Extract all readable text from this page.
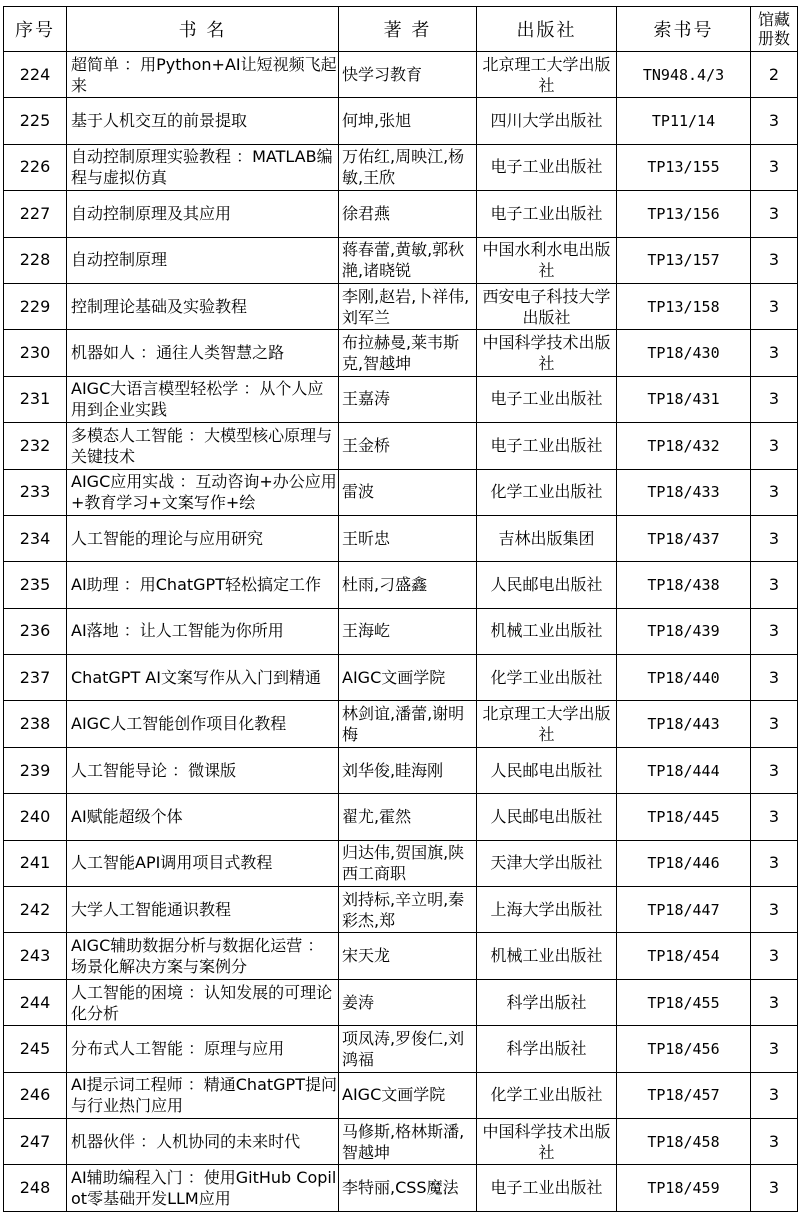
序号	书 名	著 者	出版社	索书号	馆藏册数

224	超简单 ：用Python+AI让短视频飞起来	快学习教育	北京理工大学出版社	TN948.4/3	2

225	基于人机交互的前景提取	何坤,张旭	四川大学出版社	TP11/14	3

226	自动控制原理实验教程 ：MATLAB编程与虚拟仿真	万佑红,周映江,杨敏,王欣	电子工业出版社	TP13/155	3

227	自动控制原理及其应用	徐君燕	电子工业出版社	TP13/156	3

228	自动控制原理	蒋春蕾,黄敏,郭秋滟,诸晓锐	中国水利水电出版社	TP13/157	3

229	控制理论基础及实验教程	李刚,赵岩,卜祥伟,刘军兰	西安电子科技大学出版社	TP13/158	3

230	机器如人 ：通往人类智慧之路	布拉赫曼,莱韦斯克,智越坤	中国科学技术出版社	TP18/430	3

231	AIGC大语言模型轻松学 ：从个人应用到企业实践	王嘉涛	电子工业出版社	TP18/431	3

232	多模态人工智能 ：大模型核心原理与关键技术	王金桥	电子工业出版社	TP18/432	3

233	AIGC应用实战 ：互动咨询+办公应用+教育学习+文案写作+绘	雷波	化学工业出版社	TP18/433	3

234	人工智能的理论与应用研究	王昕忠	吉林出版集团	TP18/437	3

235	AI助理 ：用ChatGPT轻松搞定工作	杜雨,刁盛鑫	人民邮电出版社	TP18/438	3

236	AI落地 ：让人工智能为你所用	王海屹	机械工业出版社	TP18/439	3

237	ChatGPT AI文案写作从入门到精通	AIGC文画学院	化学工业出版社	TP18/440	3

238	AIGC人工智能创作项目化教程	林剑谊,潘蕾,谢明梅	北京理工大学出版社	TP18/443	3

239	人工智能导论 ：微课版	刘华俊,眭海刚	人民邮电出版社	TP18/444	3

240	AI赋能超级个体	翟尤,霍然	人民邮电出版社	TP18/445	3

241	人工智能API调用项目式教程	归达伟,贺国旗,陕西工商职	天津大学出版社	TP18/446	3

242	大学人工智能通识教程	刘持标,辛立明,秦彩杰,郑	上海大学出版社	TP18/447	3

243	AIGC辅助数据分析与数据化运营 ：场景化解决方案与案例分	宋天龙	机械工业出版社	TP18/454	3

244	人工智能的困境 ：认知发展的可理论化分析	姜涛	科学出版社	TP18/455	3

245	分布式人工智能 ：原理与应用	项凤涛,罗俊仁,刘鸿福	科学出版社	TP18/456	3

246	AI提示词工程师 ：精通ChatGPT提问与行业热门应用	AIGC文画学院	化学工业出版社	TP18/457	3

247	机器伙伴 ：人机协同的未来时代	马修斯,格林斯潘,智越坤	中国科学技术出版社	TP18/458	3

248	AI辅助编程入门 ：使用GitHub Copilot零基础开发LLM应用	李特丽,CSS魔法	电子工业出版社	TP18/459	3
